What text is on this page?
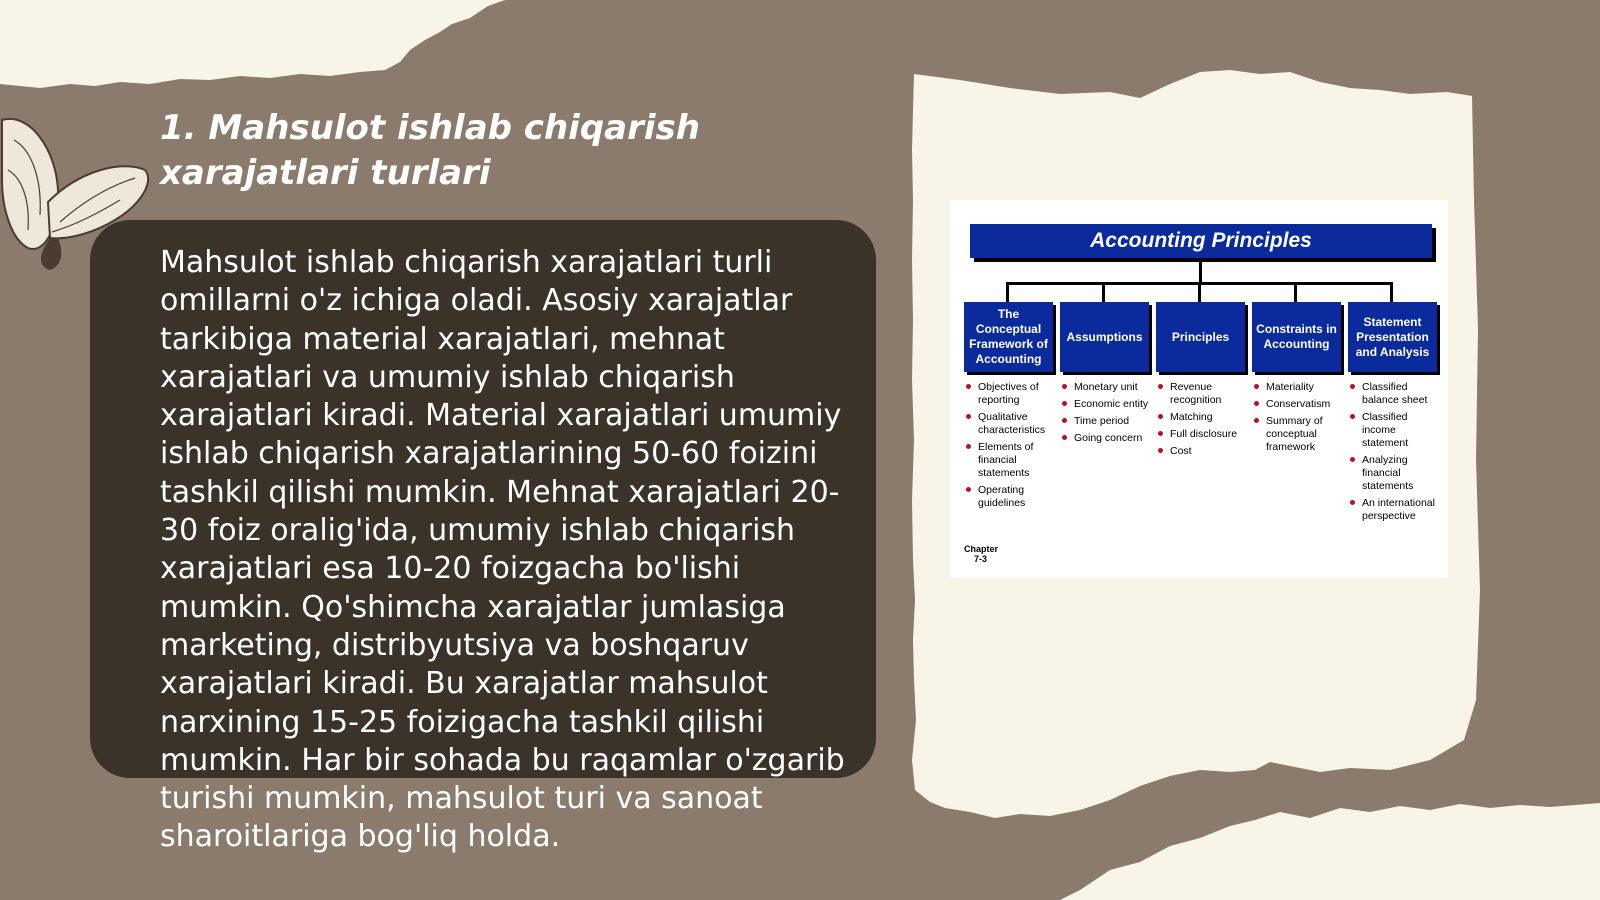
1. Mahsulot ishlab chiqarish xarajatlari turlari

Mahsulot ishlab chiqarish xarajatlari turli omillarni o'z ichiga oladi. Asosiy xarajatlar tarkibiga material xarajatlari, mehnat xarajatlari va umumiy ishlab chiqarish xarajatlari kiradi. Material xarajatlari umumiy ishlab chiqarish xarajatlarining 50-60 foizini tashkil qilishi mumkin. Mehnat xarajatlari 20-30 foiz oralig'ida, umumiy ishlab chiqarish xarajatlari esa 10-20 foizgacha bo'lishi mumkin. Qo'shimcha xarajatlar jumlasiga marketing, distribyutsiya va boshqaruv xarajatlari kiradi. Bu xarajatlar mahsulot narxining 15-25 foizigacha tashkil qilishi mumkin. Har bir sohada bu raqamlar o'zgarib turishi mumkin, mahsulot turi va sanoat sharoitlariga bog'liq holda.

Accounting Principles
The Conceptual Framework of Accounting
Assumptions	Principles
Constraints in Accounting
Statement Presentation and Analysis
Objectives of reporting
Qualitative characteristics
Elements of financial statements
Operating guidelines
Monetary unit
Economic entity
Time period
Going concern
Revenue recognition
Matching
Full disclosure
Cost
Materiality
Conservatism
Summary of conceptual framework
Classified balance sheet
Classified income statement
Analyzing financial statements
An international perspective
Chapter
7-3
